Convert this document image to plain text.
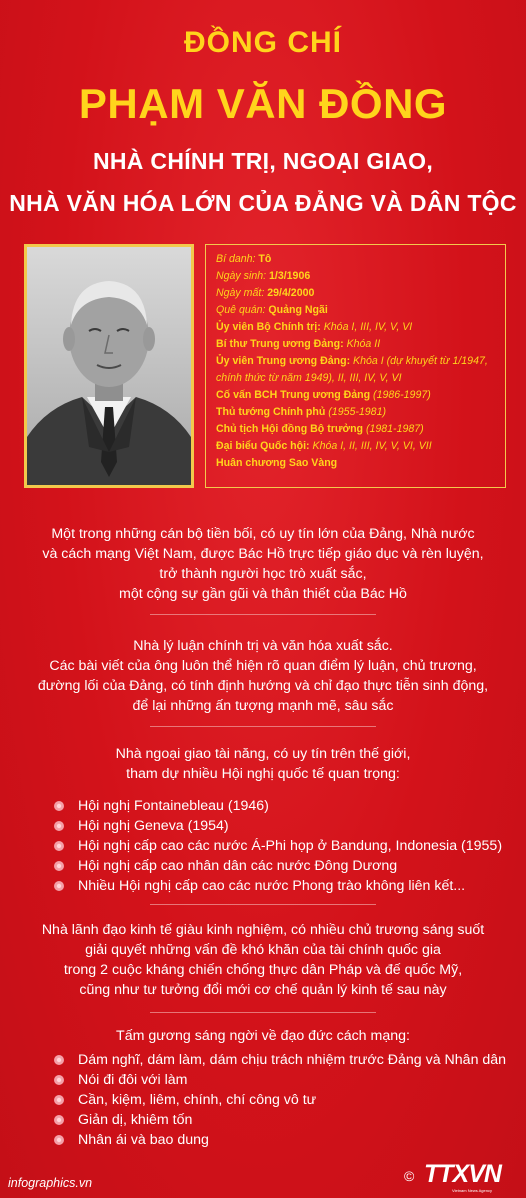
ĐỒNG CHÍ
PHẠM VĂN ĐỒNG
NHÀ CHÍNH TRỊ, NGOẠI GIAO,
NHÀ VĂN HÓA LỚN CỦA ĐẢNG VÀ DÂN TỘC
Bí danh: Tô
Ngày sinh: 1/3/1906
Ngày mất: 29/4/2000
Quê quán: Quảng Ngãi
Ủy viên Bộ Chính trị: Khóa I, III, IV, V, VI
Bí thư Trung ương Đảng: Khóa II
Ủy viên Trung ương Đảng: Khóa I (dự khuyết từ 1/1947, chính thức từ năm 1949), II, III, IV, V, VI
Cố vấn BCH Trung ương Đảng (1986-1997)
Thủ tướng Chính phủ (1955-1981)
Chủ tịch Hội đồng Bộ trưởng (1981-1987)
Đại biểu Quốc hội: Khóa I, II, III, IV, V, VI, VII
Huân chương Sao Vàng
Một trong những cán bộ tiền bối, có uy tín lớn của Đảng, Nhà nước
và cách mạng Việt Nam, được Bác Hồ trực tiếp giáo dục và rèn luyện,
trở thành người học trò xuất sắc,
một cộng sự gần gũi và thân thiết của Bác Hồ
Nhà lý luận chính trị và văn hóa xuất sắc.
Các bài viết của ông luôn thể hiện rõ quan điểm lý luận, chủ trương,
đường lối của Đảng, có tính định hướng và chỉ đạo thực tiễn sinh động,
để lại những ấn tượng mạnh mẽ, sâu sắc
Nhà ngoại giao tài năng, có uy tín trên thế giới,
tham dự nhiều Hội nghị quốc tế quan trọng:
Hội nghị Fontainebleau (1946)
Hội nghị Geneva (1954)
Hội nghị cấp cao các nước Á-Phi họp ở Bandung, Indonesia (1955)
Hội nghị cấp cao nhân dân các nước Đông Dương
Nhiều Hội nghị cấp cao các nước Phong trào không liên kết...
Nhà lãnh đạo kinh tế giàu kinh nghiệm, có nhiều chủ trương sáng suốt
giải quyết những vấn đề khó khăn của tài chính quốc gia
trong 2 cuộc kháng chiến chống thực dân Pháp và đế quốc Mỹ,
cũng như tư tưởng đổi mới cơ chế quản lý kinh tế sau này
Tấm gương sáng ngời về đạo đức cách mạng:
Dám nghĩ, dám làm, dám chịu trách nhiệm trước Đảng và Nhân dân
Nói đi đôi với làm
Cần, kiệm, liêm, chính, chí công vô tư
Giản dị, khiêm tốn
Nhân ái và bao dung
infographics.vn	© TTXVN
Vietnam News Agency
